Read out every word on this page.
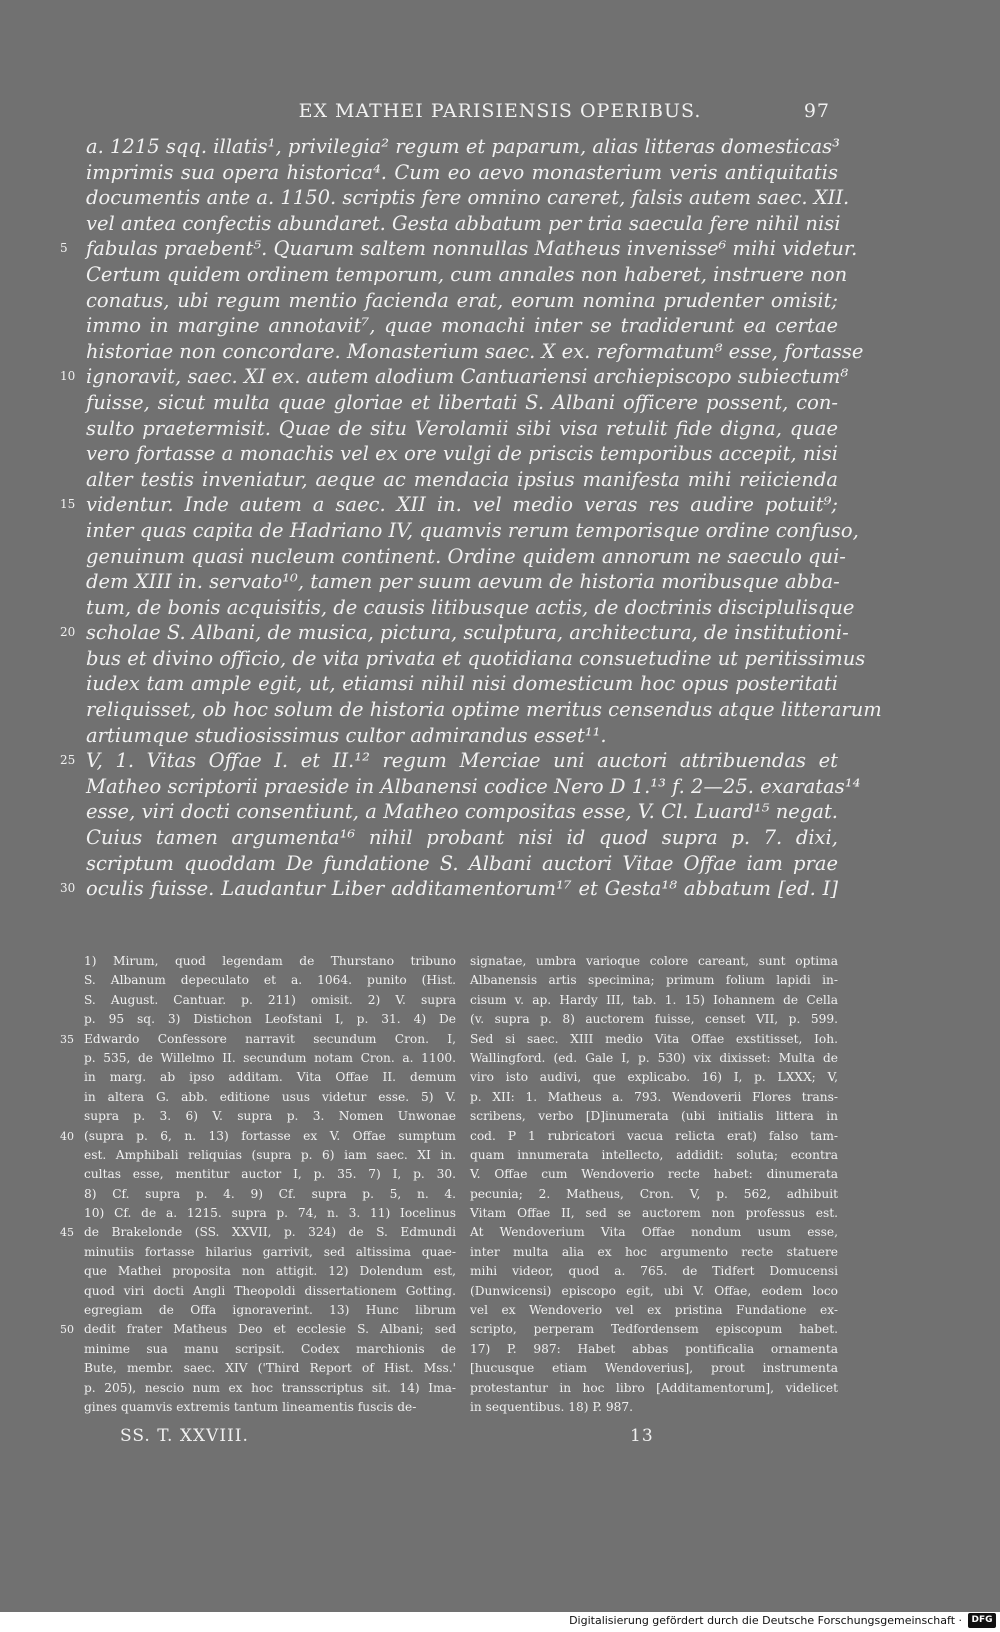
EX MATHEI PARISIENSIS OPERIBUS.	97
a. 1215 sqq. illatis¹, privilegia² regum et paparum, alias litteras domesticas³
imprimis sua opera historica⁴. Cum eo aevo monasterium veris antiquitatis
documentis ante a. 1150. scriptis fere omnino careret, falsis autem saec. XII.
vel antea confectis abundaret. Gesta abbatum per tria saecula fere nihil nisi
5 fabulas praebent⁵. Quarum saltem nonnullas Matheus invenisse⁶ mihi videtur.
Certum quidem ordinem temporum, cum annales non haberet, instruere non
conatus, ubi regum mentio facienda erat, eorum nomina prudenter omisit;
immo in margine annotavit⁷, quae monachi inter se tradiderunt ea certae
historiae non concordare. Monasterium saec. X ex. reformatum⁸ esse, fortasse
10 ignoravit, saec. XI ex. autem alodium Cantuariensi archiepiscopo subiectum⁸
fuisse, sicut multa quae gloriae et libertati S. Albani officere possent, con-
sulto praetermisit. Quae de situ Verolamii sibi visa retulit fide digna, quae
vero fortasse a monachis vel ex ore vulgi de priscis temporibus accepit, nisi
alter testis inveniatur, aeque ac mendacia ipsius manifesta mihi reiicienda
15 videntur. Inde autem a saec. XII in. vel medio veras res audire potuit⁹;
inter quas capita de Hadriano IV, quamvis rerum temporisque ordine confuso,
genuinum quasi nucleum continent. Ordine quidem annorum ne saeculo qui-
dem XIII in. servato¹⁰, tamen per suum aevum de historia moribusque abba-
tum, de bonis acquisitis, de causis litibusque actis, de doctrinis disciplulisque
20 scholae S. Albani, de musica, pictura, sculptura, architectura, de institutioni-
bus et divino officio, de vita privata et quotidiana consuetudine ut peritissimus
iudex tam ample egit, ut, etiamsi nihil nisi domesticum hoc opus posteritati
reliquisset, ob hoc solum de historia optime meritus censendus atque litterarum
artiumque studiosissimus cultor admirandus esset¹¹.
25 V, 1. Vitas Offae I. et II.¹² regum Merciae uni auctori attribuendas et
Matheo scriptorii praeside in Albanensi codice Nero D 1.¹³ f. 2—25. exaratas¹⁴
esse, viri docti consentiunt, a Matheo compositas esse, V. Cl. Luard¹⁵ negat.
Cuius tamen argumenta¹⁶ nihil probant nisi id quod supra p. 7. dixi,
scriptum quoddam De fundatione S. Albani auctori Vitae Offae iam prae
30 oculis fuisse. Laudantur Liber additamentorum¹⁷ et Gesta¹⁸ abbatum [ed. I]
1) Mirum, quod legendam de Thurstano tribuno
S. Albanum depeculato et a. 1064. punito (Hist.
S. August. Cantuar. p. 211) omisit. 2) V. supra
p. 95 sq. 3) Distichon Leofstani I, p. 31. 4) De
35 Edwardo Confessore narravit secundum Cron. I,
p. 535, de Willelmo II. secundum notam Cron. a. 1100.
in marg. ab ipso additam. Vita Offae II. demum
in altera G. abb. editione usus videtur esse. 5) V.
supra p. 3. 6) V. supra p. 3. Nomen Unwonae
40 (supra p. 6, n. 13) fortasse ex V. Offae sumptum
est. Amphibali reliquias (supra p. 6) iam saec. XI in.
cultas esse, mentitur auctor I, p. 35. 7) I, p. 30.
8) Cf. supra p. 4. 9) Cf. supra p. 5, n. 4.
10) Cf. de a. 1215. supra p. 74, n. 3. 11) Iocelinus
45 de Brakelonde (SS. XXVII, p. 324) de S. Edmundi
minutiis fortasse hilarius garrivit, sed altissima quae-
que Mathei proposita non attigit. 12) Dolendum est,
quod viri docti Angli Theopoldi dissertationem Gotting.
egregiam de Offa ignoraverint. 13) Hunc librum
50 dedit frater Matheus Deo et ecclesie S. Albani; sed
minime sua manu scripsit. Codex marchionis de
Bute, membr. saec. XIV ('Third Report of Hist. Mss.'
p. 205), nescio num ex hoc transscriptus sit. 14) Ima-
gines quamvis extremis tantum lineamentis fuscis de-
signatae, umbra varioque colore careant, sunt optima
Albanensis artis specimina; primum folium lapidi in-
cisum v. ap. Hardy III, tab. 1. 15) Iohannem de Cella
(v. supra p. 8) auctorem fuisse, censet VII, p. 599.
Sed si saec. XIII medio Vita Offae exstitisset, Ioh.
Wallingford. (ed. Gale I, p. 530) vix dixisset: Multa de
viro isto audivi, que explicabo. 16) I, p. LXXX; V,
p. XII: 1. Matheus a. 793. Wendoverii Flores trans-
scribens, verbo [D]inumerata (ubi initialis littera in
cod. P 1 rubricatori vacua relicta erat) falso tam-
quam innumerata intellecto, addidit: soluta; econtra
V. Offae cum Wendoverio recte habet: dinumerata
pecunia; 2. Matheus, Cron. V, p. 562, adhibuit
Vitam Offae II, sed se auctorem non professus est.
At Wendoverium Vita Offae nondum usum esse,
inter multa alia ex hoc argumento recte statuere
mihi videor, quod a. 765. de Tidfert Domucensi
(Dunwicensi) episcopo egit, ubi V. Offae, eodem loco
vel ex Wendoverio vel ex pristina Fundatione ex-
scripto, perperam Tedfordensem episcopum habet.
17) P. 987: Habet abbas pontificalia ornamenta
[hucusque etiam Wendoverius], prout instrumenta
protestantur in hoc libro [Additamentorum], videlicet
in sequentibus. 18) P. 987.
SS. T. XXVIII.	13
Digitalisierung gefördert durch die Deutsche Forschungsgemeinschaft ·	DFG
